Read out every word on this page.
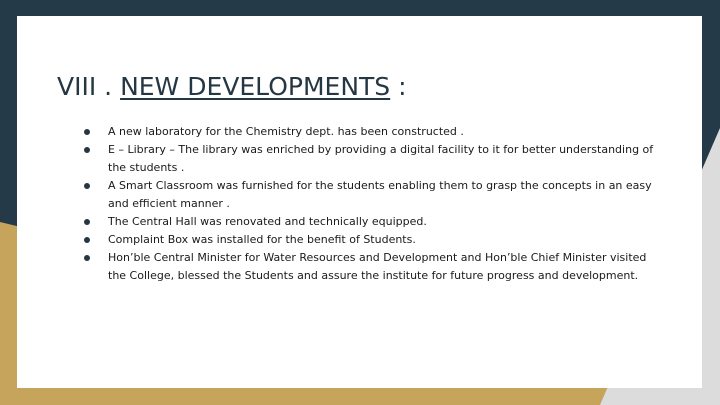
VIII . NEW DEVELOPMENTS :
A new laboratory for the Chemistry dept. has been constructed .
E – Library – The library was enriched by providing a digital facility to it for better understanding of the students .
A Smart Classroom was furnished for the students enabling them to grasp the concepts in an easy and efficient manner .
The Central Hall was renovated and technically equipped.
Complaint Box was installed for the benefit of Students.
Hon’ble Central Minister for Water Resources and Development and Hon’ble Chief Minister visited the College, blessed the Students and assure the institute for future progress and development.
